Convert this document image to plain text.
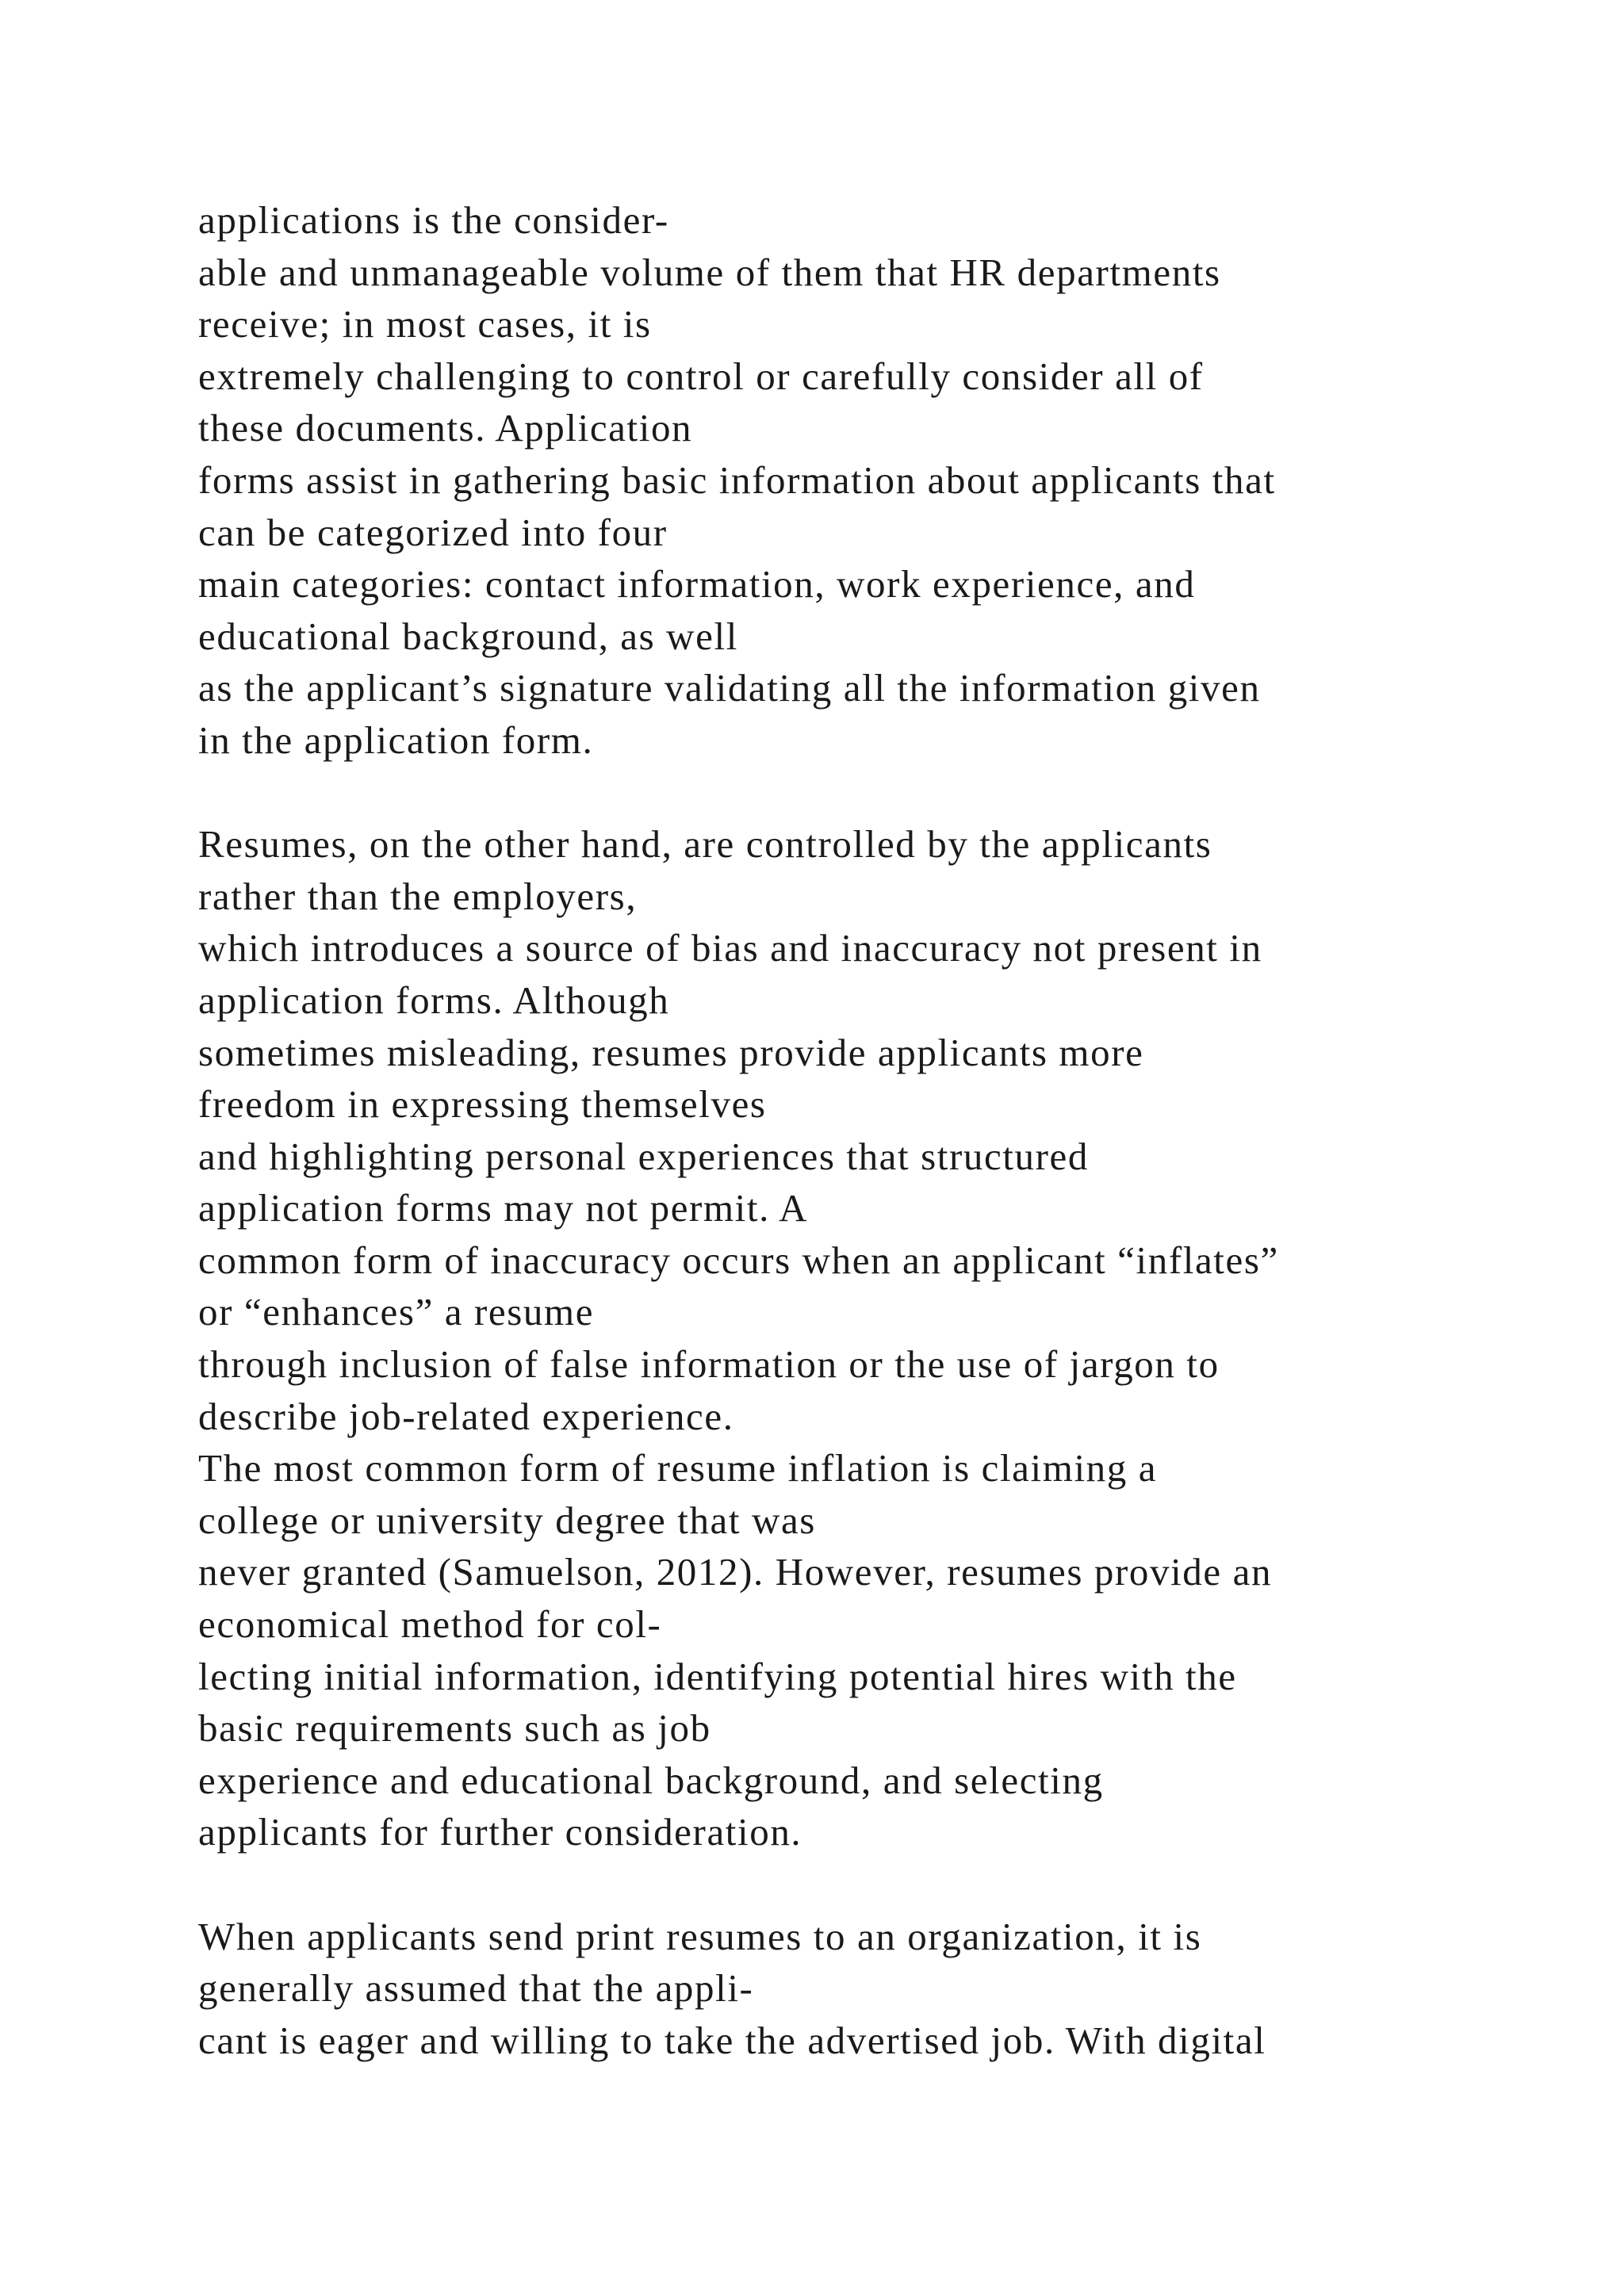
applications is the consider-
able and unmanageable volume of them that HR departments
receive; in most cases, it is
extremely challenging to control or carefully consider all of
these documents. Application
forms assist in gathering basic information about applicants that
can be categorized into four
main categories: contact information, work experience, and
educational background, as well
as the applicant’s signature validating all the information given
in the application form.
Resumes, on the other hand, are controlled by the applicants
rather than the employers,
which introduces a source of bias and inaccuracy not present in
application forms. Although
sometimes misleading, resumes provide applicants more
freedom in expressing themselves
and highlighting personal experiences that structured
application forms may not permit. A
common form of inaccuracy occurs when an applicant “inflates”
or “enhances” a resume
through inclusion of false information or the use of jargon to
describe job-related experience.
The most common form of resume inflation is claiming a
college or university degree that was
never granted (Samuelson, 2012). However, resumes provide an
economical method for col-
lecting initial information, identifying potential hires with the
basic requirements such as job
experience and educational background, and selecting
applicants for further consideration.
When applicants send print resumes to an organization, it is
generally assumed that the appli-
cant is eager and willing to take the advertised job. With digital
